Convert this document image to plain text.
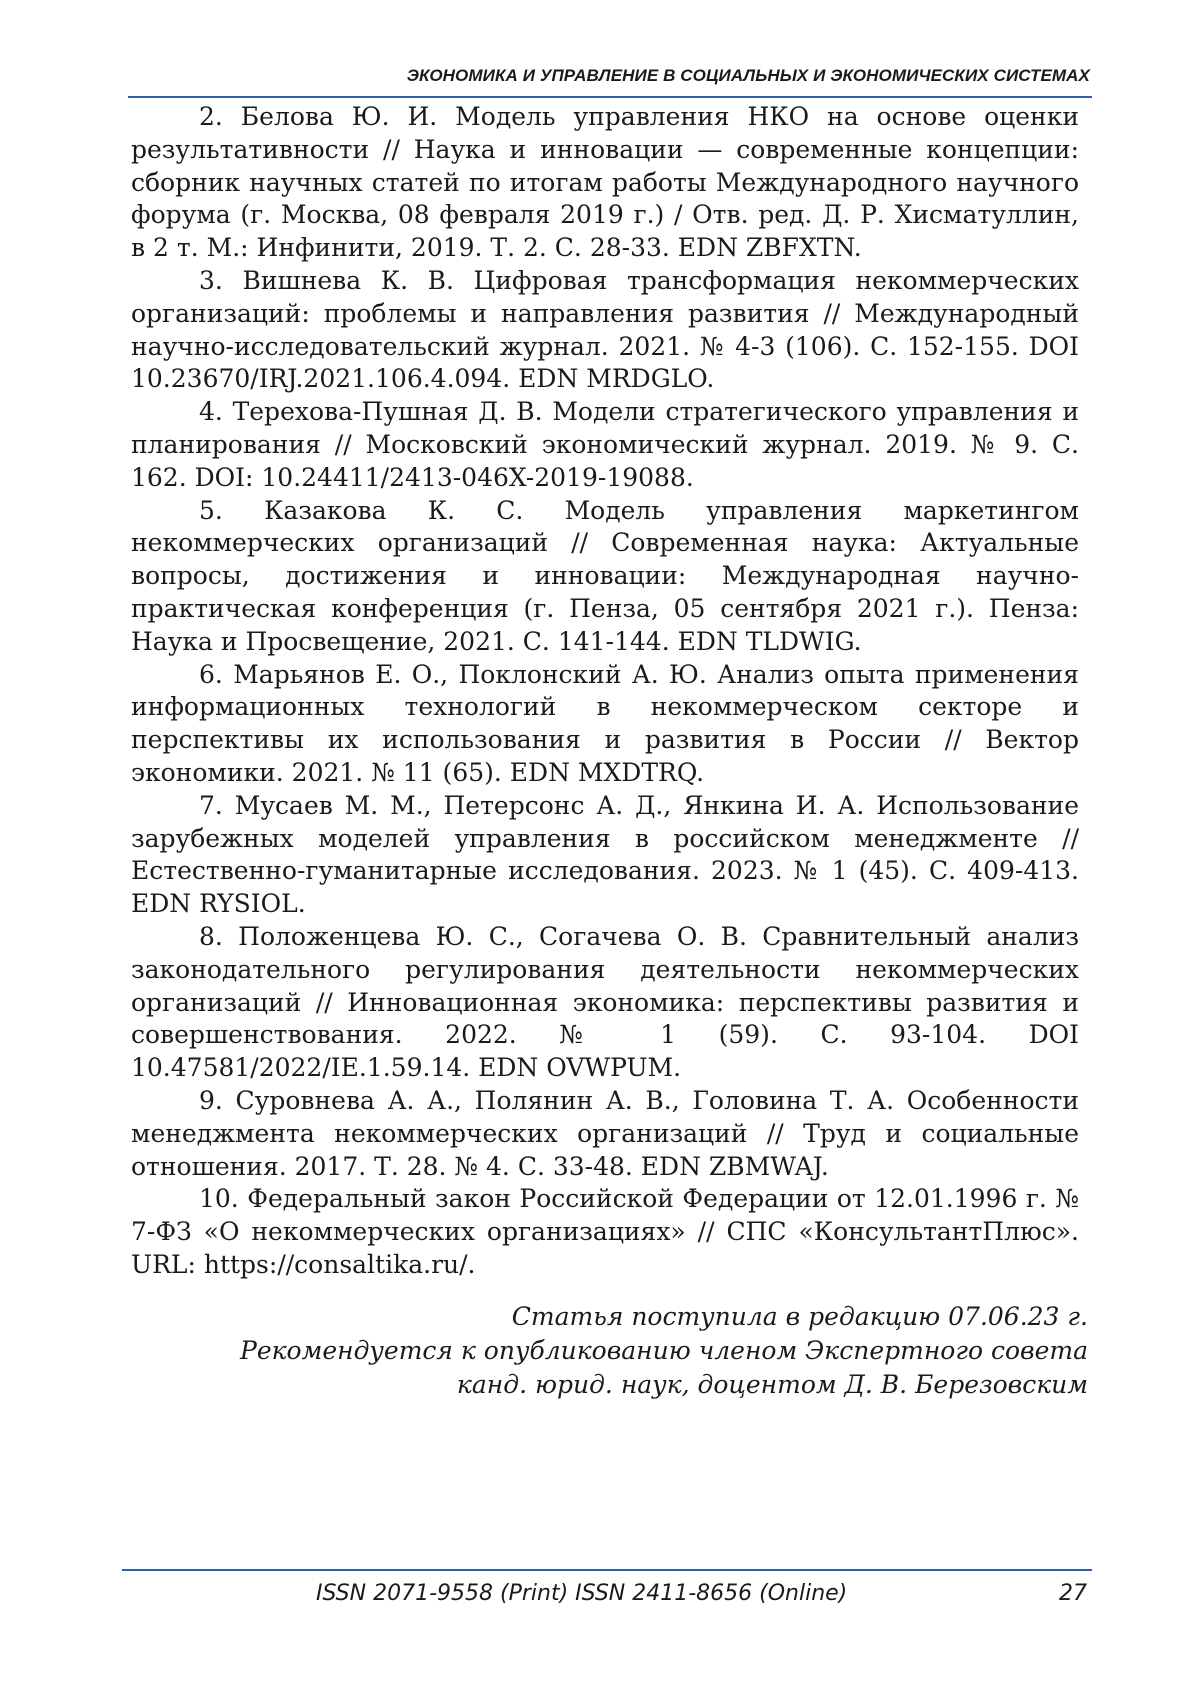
ЭКОНОМИКА И УПРАВЛЕНИЕ В СОЦИАЛЬНЫХ И ЭКОНОМИЧЕСКИХ СИСТЕМАХ

2. Белова Ю. И. Модель управления НКО на основе оценки результативности // Наука и инновации — современные концепции: сборник научных статей по итогам работы Международного научного форума (г. Москва, 08 февраля 2019 г.) / Отв. ред. Д. Р. Хисматуллин, в 2 т. М.: Инфинити, 2019. Т. 2. С. 28-33. EDN ZBFXTN.

3. Вишнева К. В. Цифровая трансформация некоммерческих организаций: проблемы и направления развития // Международный научно-исследовательский журнал. 2021. № 4-3 (106). С. 152-155. DOI 10.23670/IRJ.2021.106.4.094. EDN MRDGLO.

4. Терехова-Пушная Д. В. Модели стратегического управления и планирования // Московский экономический журнал. 2019. № 9. С. 162. DOI: 10.24411/2413-046X-2019-19088.

5. Казакова К. С. Модель управления маркетингом некоммерческих организаций // Современная наука: Актуальные вопросы, достижения и инновации: Международная научно-практическая конференция (г. Пенза, 05 сентября 2021 г.). Пенза: Наука и Просвещение, 2021. С. 141-144. EDN TLDWIG.

6. Марьянов Е. О., Поклонский А. Ю. Анализ опыта применения информационных технологий в некоммерческом секторе и перспективы их использования и развития в России // Вектор экономики. 2021. № 11 (65). EDN MXDTRQ.

7. Мусаев М. М., Петерсонс А. Д., Янкина И. А. Использование зарубежных моделей управления в российском менеджменте // Естественно-гуманитарные исследования. 2023. № 1 (45). С. 409-413. EDN RYSIOL.

8. Положенцева Ю. С., Согачева О. В. Сравнительный анализ законодательного регулирования деятельности некоммерческих организаций // Инновационная экономика: перспективы развития и совершенствования. 2022. № 1 (59). С. 93-104. DOI 10.47581/2022/IE.1.59.14. EDN OVWPUM.

9. Суровнева А. А., Полянин А. В., Головина Т. А. Особенности менеджмента некоммерческих организаций // Труд и социальные отношения. 2017. Т. 28. № 4. С. 33-48. EDN ZBMWAJ.

10. Федеральный закон Российской Федерации от 12.01.1996 г. № 7-ФЗ «О некоммерческих организациях» // СПС «КонсультантПлюс». URL: https://consaltika.ru/.

Статья поступила в редакцию 07.06.23 г.
Рекомендуется к опубликованию членом Экспертного совета
канд. юрид. наук, доцентом Д. В. Березовским
ISSN 2071-9558 (Print) ISSN 2411-8656 (Online)	27
